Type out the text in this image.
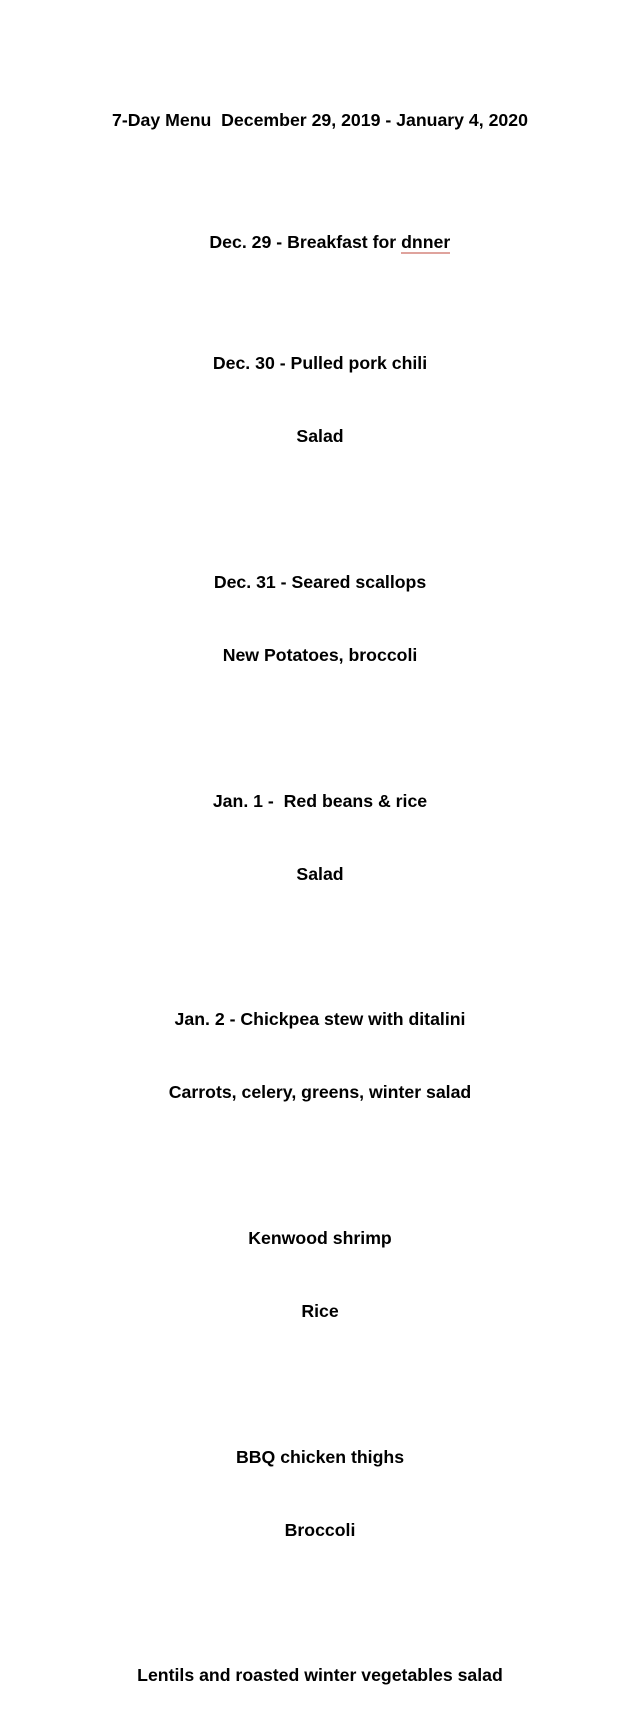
7-Day Menu  December 29, 2019 - January 4, 2020

Dec. 29 - Breakfast for dnner

Dec. 30 - Pulled pork chili

Salad

Dec. 31 - Seared scallops

New Potatoes, broccoli

Jan. 1 -  Red beans & rice

Salad

Jan. 2 - Chickpea stew with ditalini

Carrots, celery, greens, winter salad

Kenwood shrimp

Rice

BBQ chicken thighs

Broccoli

Lentils and roasted winter vegetables salad
